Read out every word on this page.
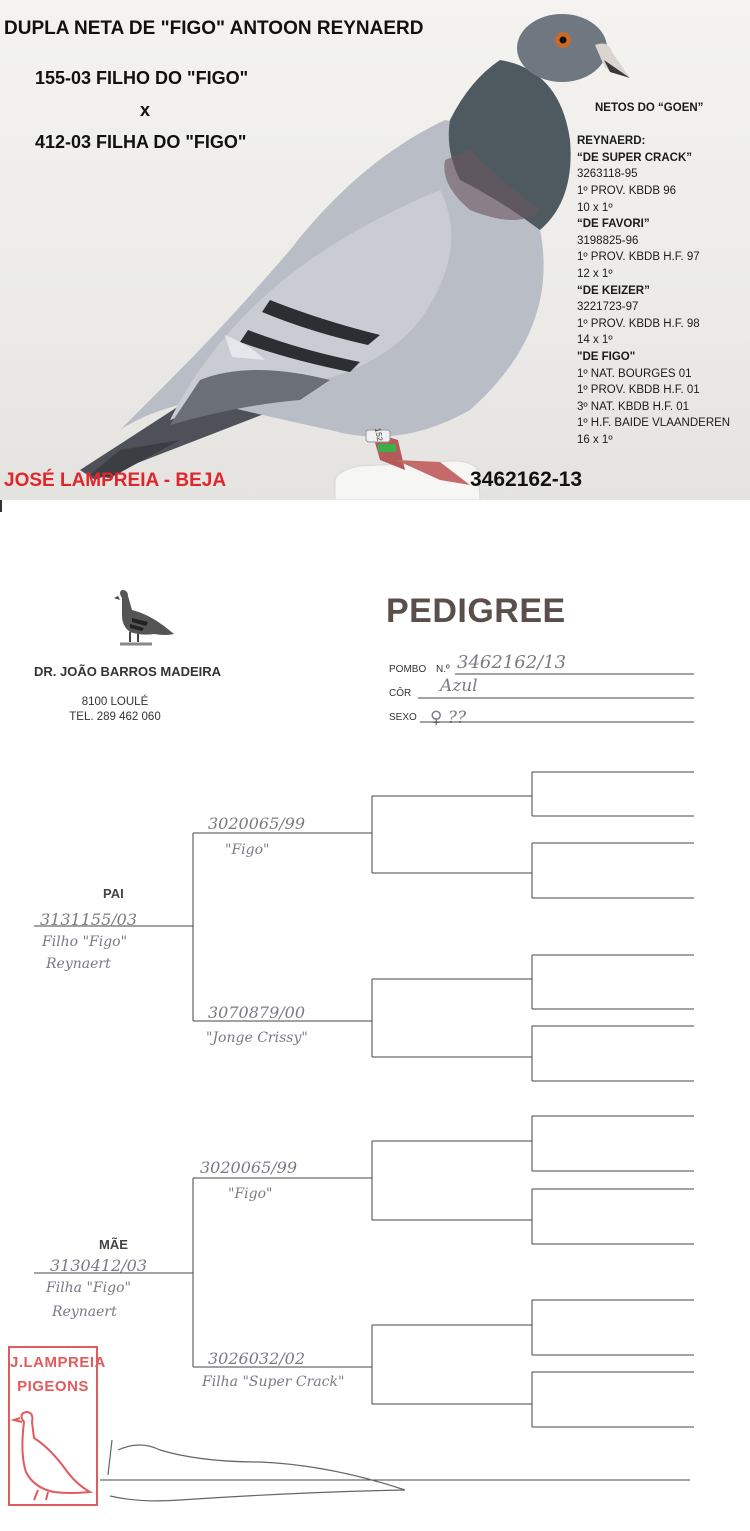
152
DUPLA NETA DE "FIGO" ANTOON REYNAERD
155-03 FILHO DO "FIGO"
x
412-03 FILHA DO "FIGO"
NETOS DO “GOEN”

REYNAERD:
“DE SUPER CRACK”
3263118-95
1º PROV. KBDB 96
10 x 1º
“DE FAVORI”
3198825-96
1º PROV. KBDB H.F. 97
12 x 1º
“DE KEIZER”
3221723-97
1º PROV. KBDB H.F. 98
14 x 1º
"DE FIGO"
1º NAT. BOURGES 01
1º PROV. KBDB H.F. 01
3º NAT. KBDB H.F. 01
1º H.F. BAIDE VLAANDEREN
16 x 1º
JOSÉ LAMPREIA - BEJA	3462162-13
DR. JOÃO BARROS MADEIRA
8100 LOULÉ
TEL. 289 462 060
PEDIGREE
POMBO N.º 3462162/13
CÔR Azul
SEXO ♀ ??
PAI
3131155/03
Filho "Figo"
Reynaert
MÃE
3130412/03
Filha "Figo"
Reynaert
3020065/99
"Figo"
3070879/00
"Jonge Crissy"
3020065/99
"Figo"
3026032/02
Filha "Super Crack"
J.LAMPREIA
PIGEONS
